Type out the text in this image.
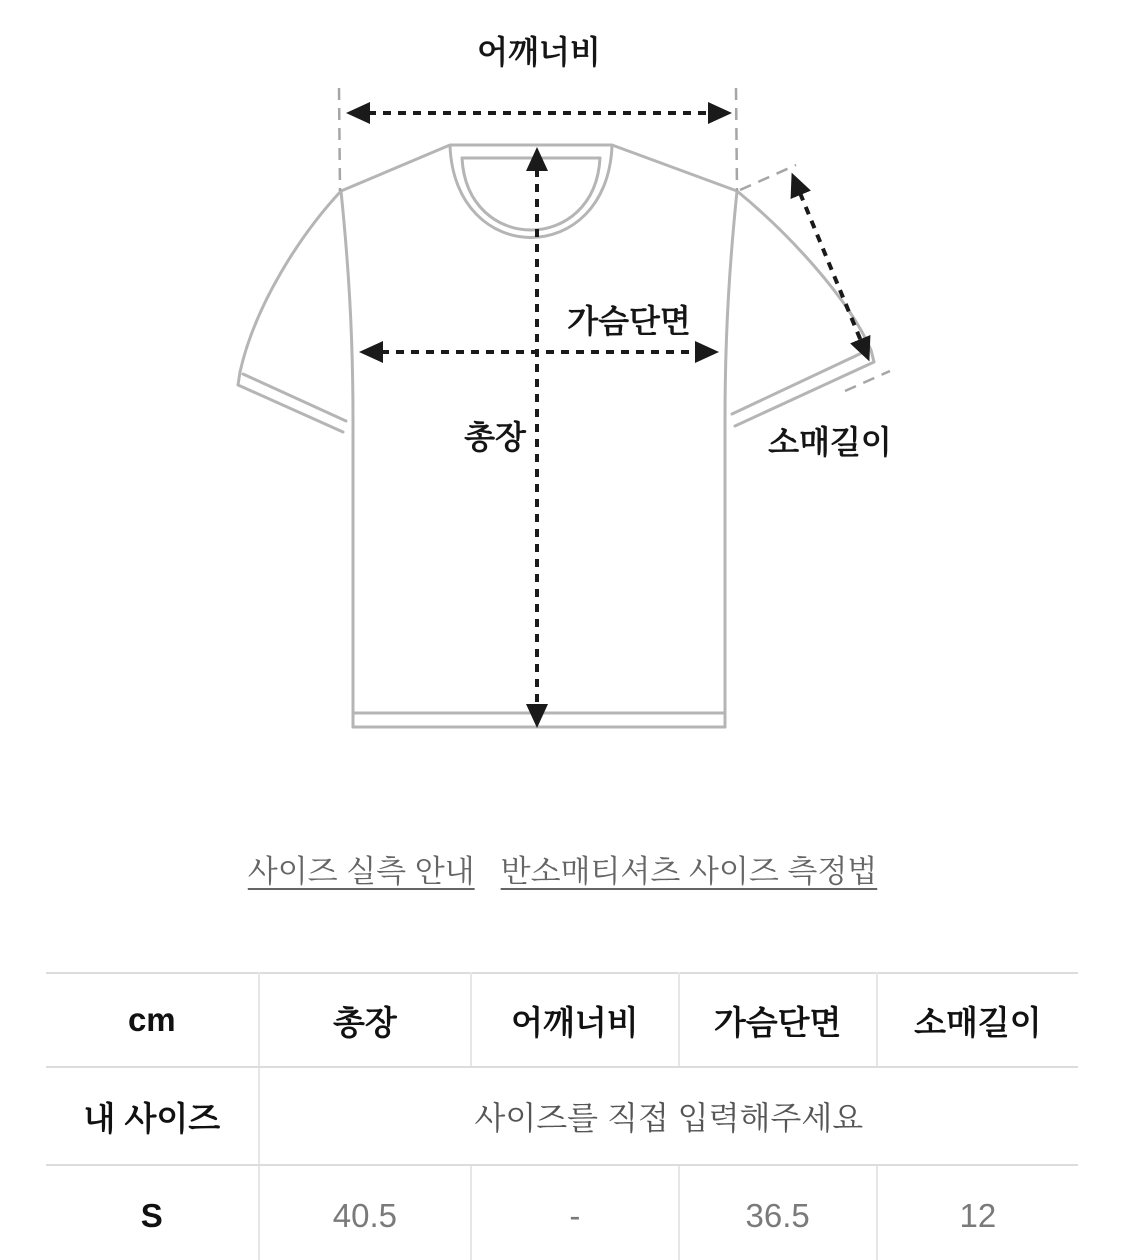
어깨너비
가슴단면
총장	소매길이
사이즈 실측 안내 반소매티셔츠 사이즈 측정법
cm	총장	어깨너비	가슴단면	소매길이
내 사이즈	사이즈를 직접 입력해주세요			
S	40.5	-	36.5	12
